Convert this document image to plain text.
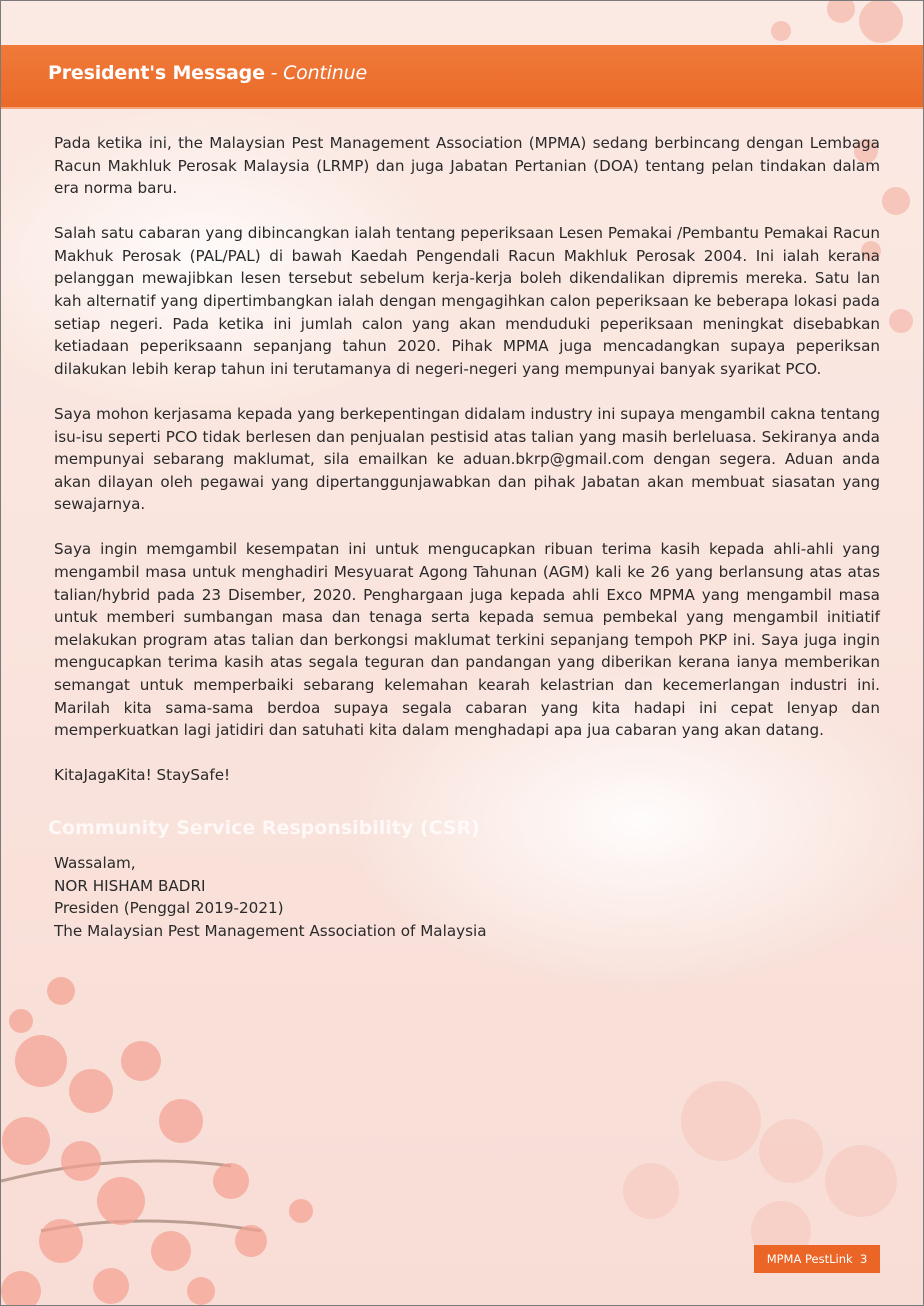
President's Message - Continue

Pada ketika ini, the Malaysian Pest Management Association (MPMA) sedang berbincang dengan Lembaga Racun Makhluk Perosak Malaysia (LRMP) dan juga Jabatan Pertanian (DOA) tentang pelan tindakan dalam era norma baru.

Salah satu cabaran yang dibincangkan ialah tentang peperiksaan Lesen Pemakai /Pembantu Pemakai Racun Makhuk Perosak (PAL/PAL) di bawah Kaedah Pengendali Racun Makhluk Perosak 2004. Ini ialah kerana pelanggan mewajibkan lesen tersebut sebelum kerja-kerja boleh dikendalikan dipremis mereka. Satu lan kah alternatif yang dipertimbangkan ialah dengan mengagihkan calon peperiksaan ke beberapa lokasi pada setiap negeri. Pada ketika ini jumlah calon yang akan menduduki peperiksaan meningkat disebabkan ketiadaan peperiksaann sepanjang tahun 2020. Pihak MPMA juga mencadangkan supaya peperiksan dilakukan lebih kerap tahun ini terutamanya di negeri-negeri yang mempunyai banyak syarikat PCO.

Saya mohon kerjasama kepada yang berkepentingan didalam industry ini supaya mengambil cakna tentang isu-isu seperti PCO tidak berlesen dan penjualan pestisid atas talian yang masih berleluasa. Sekiranya anda mempunyai sebarang maklumat, sila emailkan ke aduan.bkrp@gmail.com dengan segera. Aduan anda akan dilayan oleh pegawai yang dipertanggunjawabkan dan pihak Jabatan akan membuat siasatan yang sewajarnya.

Saya ingin memgambil kesempatan ini untuk mengucapkan ribuan terima kasih kepada ahli-ahli yang mengambil masa untuk menghadiri Mesyuarat Agong Tahunan (AGM) kali ke 26 yang berlansung atas atas talian/hybrid pada 23 Disember, 2020. Penghargaan juga kepada ahli Exco MPMA yang mengambil masa untuk memberi sumbangan masa dan tenaga serta kepada semua pembekal yang mengambil initiatif melakukan program atas talian dan berkongsi maklumat terkini sepanjang tempoh PKP ini. Saya juga ingin mengucapkan terima kasih atas segala teguran dan pandangan yang diberikan kerana ianya memberikan semangat untuk memperbaiki sebarang kelemahan kearah kelastrian dan kecemerlangan industri ini. Marilah kita sama-sama berdoa supaya segala cabaran yang kita hadapi ini cepat lenyap dan memperkuatkan lagi jatidiri dan satuhati kita dalam menghadapi apa jua cabaran yang akan datang.

KitaJagaKita! StaySafe!

Community Service Responsibility (CSR)

Wassalam,

NOR HISHAM BADRI

Presiden (Penggal 2019-2021)

The Malaysian Pest Management Association of Malaysia

MPMA PestLink
3
